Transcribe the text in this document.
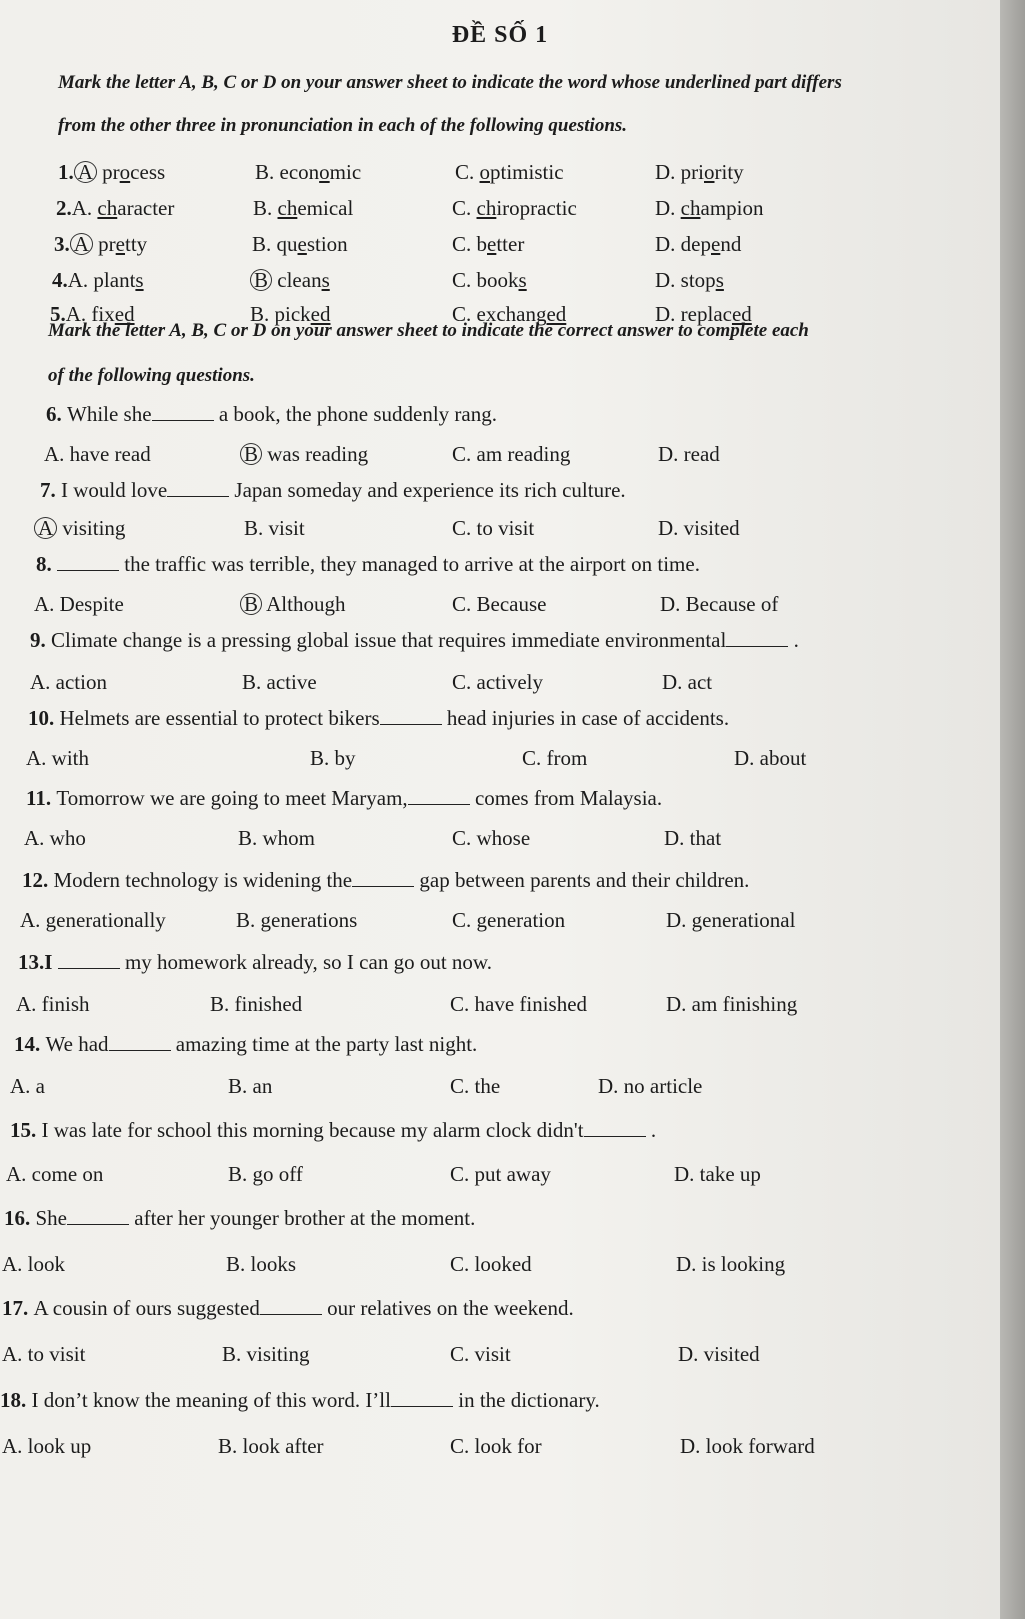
ĐỀ SỐ 1
Mark the letter A, B, C or D on your answer sheet to indicate the word whose underlined part differs
from the other three in pronunciation in each of the following questions.
1. A process	B. economic	C. optimistic	D. priority
2.A. character	B. chemical	C. chiropractic	D. champion
3. A pretty	B. question	C. better	D. depend
4.A. plants	B cleans	C. books	D. stops
5.A. fixed	B. picked	C. exchanged	D. replaced
Mark the letter A, B, C or D on your answer sheet to indicate the correct answer to complete each
of the following questions.
6. While she	a book, the phone suddenly rang.
A. have read	B was reading	C. am reading	D. read
7. I would love	Japan someday and experience its rich culture.
A visiting	B. visit	C. to visit	D. visited
8.	the traffic was terrible, they managed to arrive at the airport on time.
A. Despite	B Although	C. Because	D. Because of
9. Climate change is a pressing global issue that requires immediate environmental	.
A. action	B. active	C. actively	D. act
10. Helmets are essential to protect bikers	head injuries in case of accidents.
A. with	B. by	C. from	D. about
11. Tomorrow we are going to meet Maryam,	comes from Malaysia.
A. who	B. whom	C. whose	D. that
12. Modern technology is widening the	gap between parents and their children.
A. generationally	B. generations	C. generation	D. generational
13.I	my homework already, so I can go out now.
A. finish	B. finished	C. have finished	D. am finishing
14. We had	amazing time at the party last night.
A. a	B. an	C. the	D. no article
15. I was late for school this morning because my alarm clock didn't	.
A. come on	B. go off	C. put away	D. take up
16. She	after her younger brother at the moment.
A. look	B. looks	C. looked	D. is looking
17. A cousin of ours suggested	our relatives on the weekend.
A. to visit	B. visiting	C. visit	D. visited
18. I don’t know the meaning of this word. I’ll	in the dictionary.
A. look up	B. look after	C. look for	D. look forward
